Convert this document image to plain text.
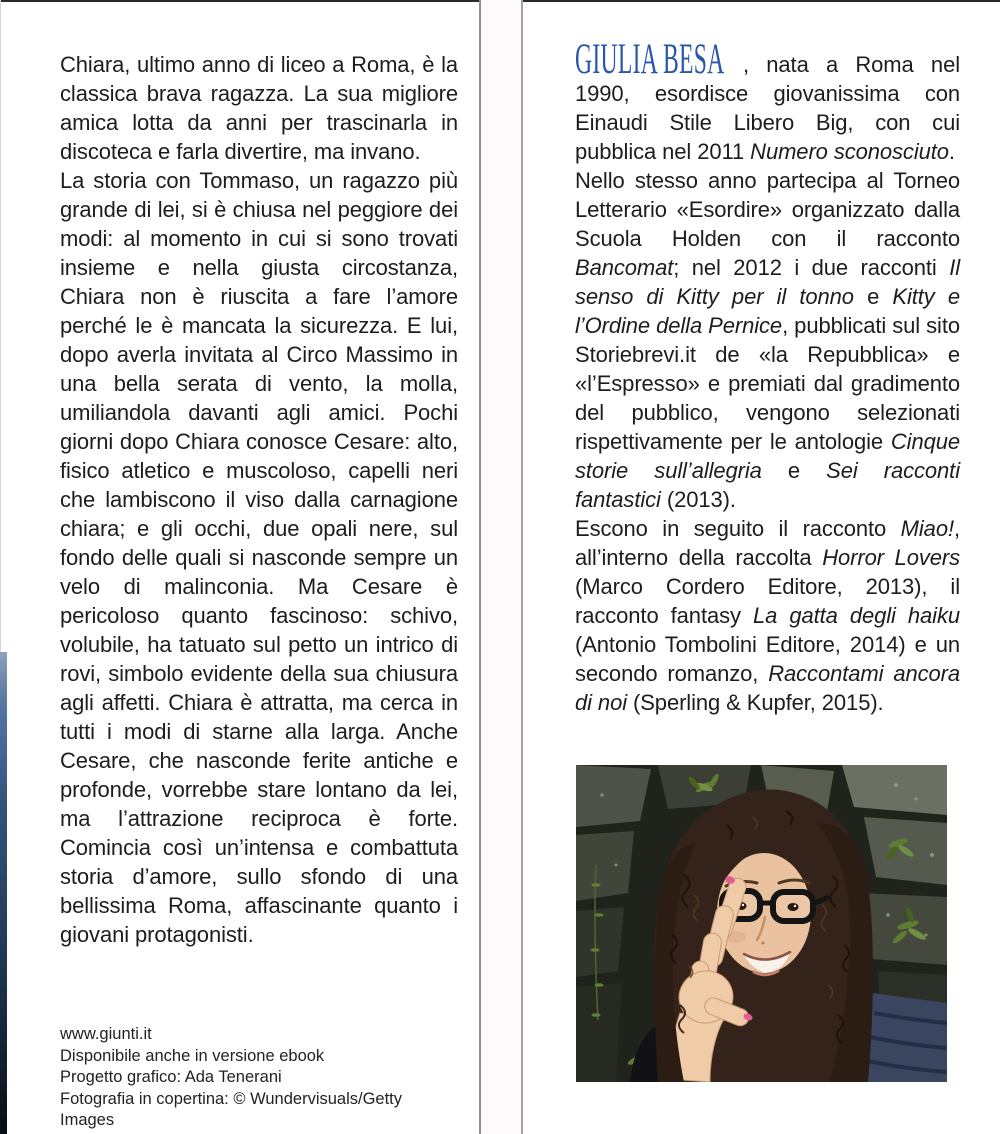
Chiara, ultimo anno di liceo a Roma, è la classica brava ragazza. La sua migliore amica lotta da anni per trascinarla in discoteca e farla divertire, ma invano.

La storia con Tommaso, un ragazzo più grande di lei, si è chiusa nel peggiore dei modi: al momento in cui si sono trovati insieme e nella giusta circostanza, Chiara non è riuscita a fare l’amore perché le è mancata la sicurezza. E lui, dopo averla invitata al Circo Massimo in una bella serata di vento, la molla, umiliandola davanti agli amici. Pochi giorni dopo Chiara conosce Cesare: alto, fisico atletico e muscoloso, capelli neri che lambiscono il viso dalla carnagione chiara; e gli occhi, due opali nere, sul fondo delle quali si nasconde sempre un velo di malinconia. Ma Cesare è pericoloso quanto fascinoso: schivo, volubile, ha tatuato sul petto un intrico di rovi, simbolo evidente della sua chiusura agli affetti. Chiara è attratta, ma cerca in tutti i modi di starne alla larga. Anche Cesare, che nasconde ferite antiche e profonde, vorrebbe stare lontano da lei, ma l’attrazione reciproca è forte. Comincia così un’intensa e combattuta storia d’amore, sullo sfondo di una bellissima Roma, affascinante quanto i giovani protagonisti.

www.giunti.it
Disponibile anche in versione ebook
Progetto grafico: Ada Tenerani
Fotografia in copertina: © Wundervisuals/Getty Images

GIULIA BESA , nata a Roma nel 1990, esordisce giovanissima con Einaudi Stile Libero Big, con cui pubblica nel 2011 Numero sconosciuto.

Nello stesso anno partecipa al Torneo Letterario «Esordire» organizzato dalla Scuola Holden con il racconto Bancomat; nel 2012 i due racconti Il senso di Kitty per il tonno e Kitty e l’Ordine della Pernice, pubblicati sul sito Storiebrevi.it de «la Repubblica» e «l’Espresso» e premiati dal gradimento del pubblico, vengono selezionati rispettivamente per le antologie Cinque storie sull’allegria e Sei racconti fantastici (2013).

Escono in seguito il racconto Miao!, all’interno della raccolta Horror Lovers (Marco Cordero Editore, 2013), il racconto fantasy La gatta degli haiku (Antonio Tombolini Editore, 2014) e un secondo romanzo, Raccontami ancora di noi (Sperling & Kupfer, 2015).
